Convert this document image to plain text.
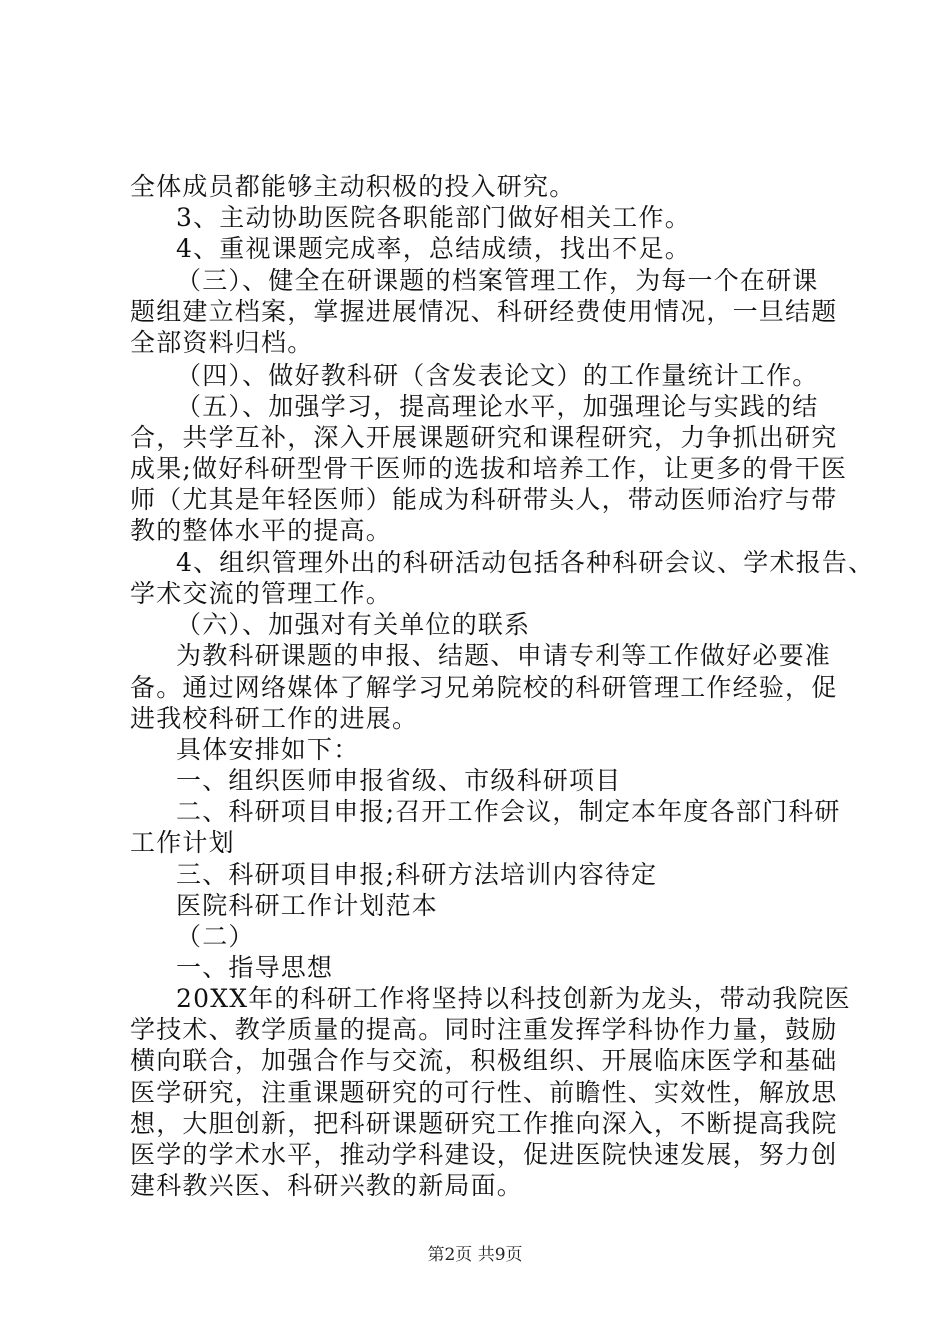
全体成员都能够主动积极的投入研究。
3、主动协助医院各职能部门做好相关工作。
4、重视课题完成率，总结成绩，找出不足。
（三）、健全在研课题的档案管理工作，为每一个在研课
题组建立档案，掌握进展情况、科研经费使用情况，一旦结题
全部资料归档。
（四）、做好教科研（含发表论文）的工作量统计工作。
（五）、加强学习，提高理论水平，加强理论与实践的结
合，共学互补，深入开展课题研究和课程研究，力争抓出研究
成果;做好科研型骨干医师的选拔和培养工作，让更多的骨干医
师（尤其是年轻医师）能成为科研带头人，带动医师治疗与带
教的整体水平的提高。
4、组织管理外出的科研活动包括各种科研会议、学术报告、
学术交流的管理工作。
（六）、加强对有关单位的联系
为教科研课题的申报、结题、申请专利等工作做好必要准
备。通过网络媒体了解学习兄弟院校的科研管理工作经验，促
进我校科研工作的进展。
具体安排如下：
一、组织医师申报省级、市级科研项目
二、科研项目申报;召开工作会议，制定本年度各部门科研
工作计划
三、科研项目申报;科研方法培训内容待定
医院科研工作计划范本
（二）
一、指导思想
20XX年的科研工作将坚持以科技创新为龙头，带动我院医
学技术、教学质量的提高。同时注重发挥学科协作力量，鼓励
横向联合，加强合作与交流，积极组织、开展临床医学和基础
医学研究，注重课题研究的可行性、前瞻性、实效性，解放思
想，大胆创新，把科研课题研究工作推向深入，不断提高我院
医学的学术水平，推动学科建设，促进医院快速发展，努力创
建科教兴医、科研兴教的新局面。
第2页 共9页
